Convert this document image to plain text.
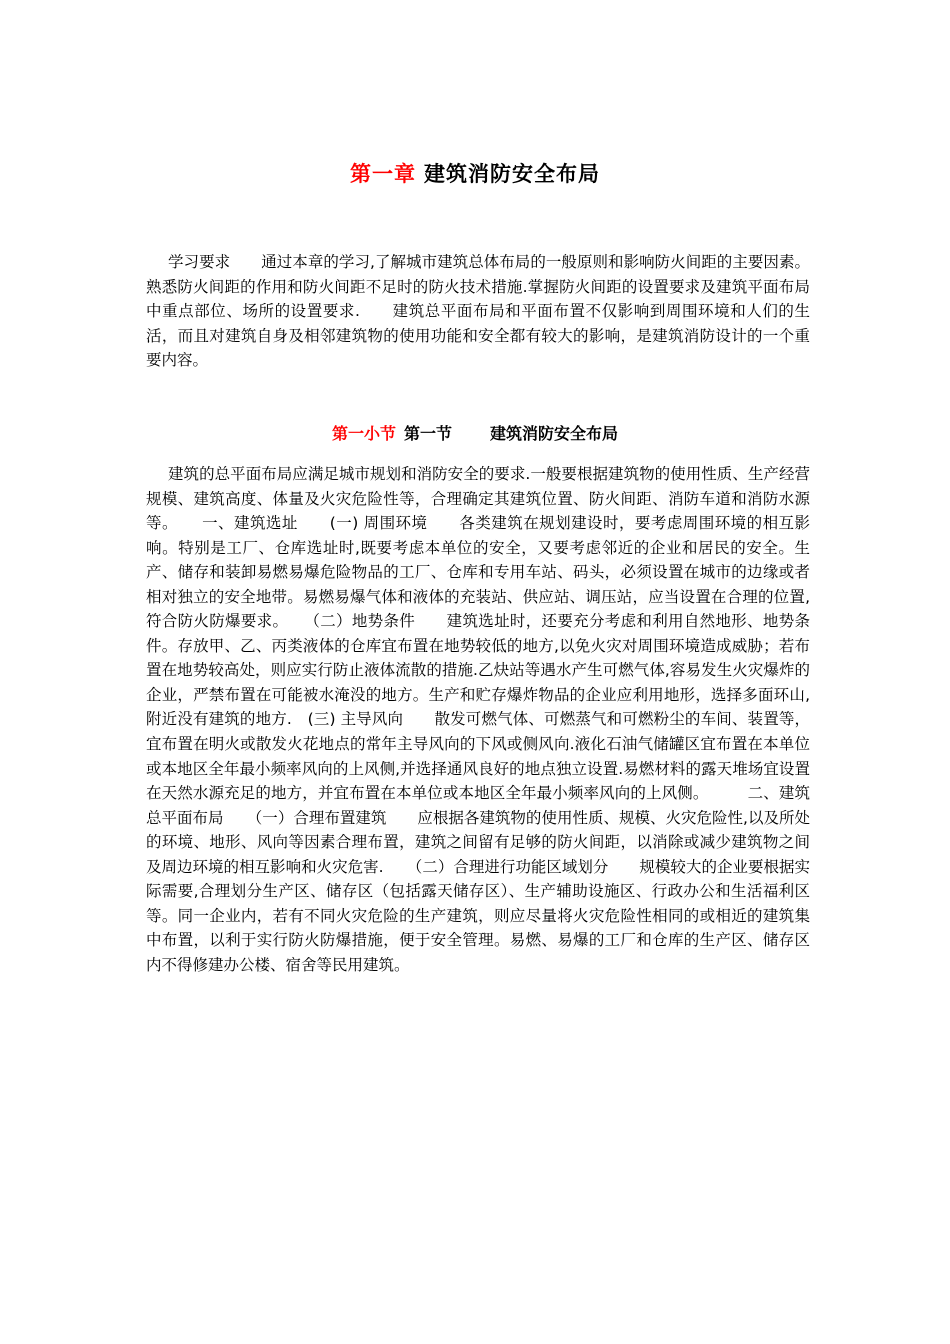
第一章 建筑消防安全布局
学习要求　　通过本章的学习,了解城市建筑总体布局的一般原则和影响防火间距的主要因素。熟悉防火间距的作用和防火间距不足时的防火技术措施.掌握防火间距的设置要求及建筑平面布局中重点部位、场所的设置要求.　　建筑总平面布局和平面布置不仅影响到周围环境和人们的生活，而且对建筑自身及相邻建筑物的使用功能和安全都有较大的影响，是建筑消防设计的一个重要内容。
第一小节 第一节 建筑消防安全布局
建筑的总平面布局应满足城市规划和消防安全的要求.一般要根据建筑物的使用性质、生产经营规模、建筑高度、体量及火灾危险性等，合理确定其建筑位置、防火间距、消防车道和消防水源等。　　一、建筑选址　　(一) 周围环境　　各类建筑在规划建设时，要考虑周围环境的相互影响。特别是工厂、仓库选址时,既要考虑本单位的安全，又要考虑邻近的企业和居民的安全。生产、储存和装卸易燃易爆危险物品的工厂、仓库和专用车站、码头，必须设置在城市的边缘或者相对独立的安全地带。易燃易爆气体和液体的充装站、供应站、调压站，应当设置在合理的位置,符合防火防爆要求。　　（二）地势条件　　建筑选址时，还要充分考虑和利用自然地形、地势条件。存放甲、乙、丙类液体的仓库宜布置在地势较低的地方,以免火灾对周围环境造成威胁；若布置在地势较高处，则应实行防止液体流散的措施.乙炔站等遇水产生可燃气体,容易发生火灾爆炸的企业，严禁布置在可能被水淹没的地方。生产和贮存爆炸物品的企业应利用地形，选择多面环山,附近没有建筑的地方.　(三) 主导风向　　散发可燃气体、可燃蒸气和可燃粉尘的车间、装置等，宜布置在明火或散发火花地点的常年主导风向的下风或侧风向.液化石油气储罐区宜布置在本单位或本地区全年最小频率风向的上风侧,并选择通风良好的地点独立设置.易燃材料的露天堆场宜设置在天然水源充足的地方，并宜布置在本单位或本地区全年最小频率风向的上风侧。　　　二、建筑总平面布局　　（一）合理布置建筑　　应根据各建筑物的使用性质、规模、火灾危险性,以及所处的环境、地形、风向等因素合理布置，建筑之间留有足够的防火间距，以消除或减少建筑物之间及周边环境的相互影响和火灾危害.　　（二）合理进行功能区域划分　　规模较大的企业要根据实际需要,合理划分生产区、储存区（包括露天储存区）、生产辅助设施区、行政办公和生活福利区等。同一企业内，若有不同火灾危险的生产建筑，则应尽量将火灾危险性相同的或相近的建筑集中布置，以利于实行防火防爆措施，便于安全管理。易燃、易爆的工厂和仓库的生产区、储存区内不得修建办公楼、宿舍等民用建筑。
